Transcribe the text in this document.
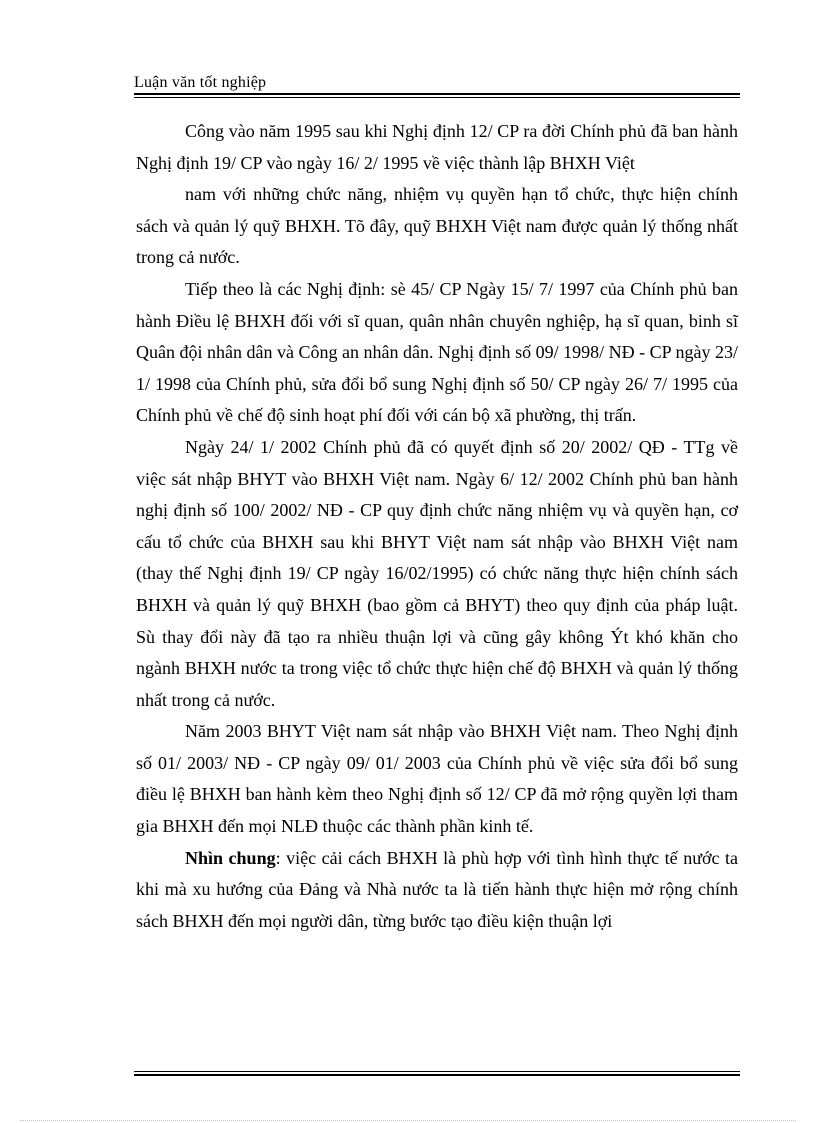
Luận văn tốt nghiệp

Công vào năm 1995 sau khi Nghị định 12/ CP ra đời Chính phủ đã ban hành Nghị định 19/ CP vào ngày 16/ 2/ 1995 về việc thành lập BHXH Việt

nam với những chức năng, nhiệm vụ quyền hạn tổ chức, thực hiện chính sách và quản lý quỹ BHXH. Tõ đây, quỹ BHXH Việt nam được quản lý thống nhất trong cả nước.

Tiếp theo là các Nghị định: sè 45/ CP Ngày 15/ 7/ 1997 của Chính phủ ban hành Điều lệ BHXH đối với sĩ quan, quân nhân chuyên nghiệp, hạ sĩ quan, binh sĩ Quân đội nhân dân và Công an nhân dân. Nghị định số 09/ 1998/ NĐ - CP ngày 23/ 1/ 1998 của Chính phủ, sửa đổi bổ sung Nghị định số 50/ CP ngày 26/ 7/ 1995 của Chính phủ về chế độ sinh hoạt phí đối với cán bộ xã phường, thị trấn.

Ngày 24/ 1/ 2002 Chính phủ đã có quyết định số 20/ 2002/ QĐ - TTg về việc sát nhập BHYT vào BHXH Việt nam. Ngày 6/ 12/ 2002 Chính phủ ban hành nghị định số 100/ 2002/ NĐ - CP quy định chức năng nhiệm vụ và quyền hạn, cơ cấu tổ chức của BHXH sau khi BHYT Việt nam sát nhập vào BHXH Việt nam (thay thế Nghị định 19/ CP ngày 16/02/1995) có chức năng thực hiện chính sách BHXH và quản lý quỹ BHXH (bao gồm cả BHYT) theo quy định của pháp luật. Sù thay đổi này đã tạo ra nhiều thuận lợi và cũng gây không Ýt khó khăn cho ngành BHXH nước ta trong việc tổ chức thực hiện chế độ BHXH và quản lý thống nhất trong cả nước.

Năm 2003 BHYT Việt nam sát nhập vào BHXH Việt nam. Theo Nghị định số 01/ 2003/ NĐ - CP ngày 09/ 01/ 2003 của Chính phủ về việc sửa đổi bổ sung điều lệ BHXH ban hành kèm theo Nghị định số 12/ CP đã mở rộng quyền lợi tham gia BHXH đến mọi NLĐ thuộc các thành phần kinh tế.

Nhìn chung: việc cải cách BHXH là phù hợp với tình hình thực tế nước ta khi mà xu hướng của Đảng và Nhà nước ta là tiến hành thực hiện mở rộng chính sách BHXH đến mọi người dân, từng bước tạo điều kiện thuận lợi
